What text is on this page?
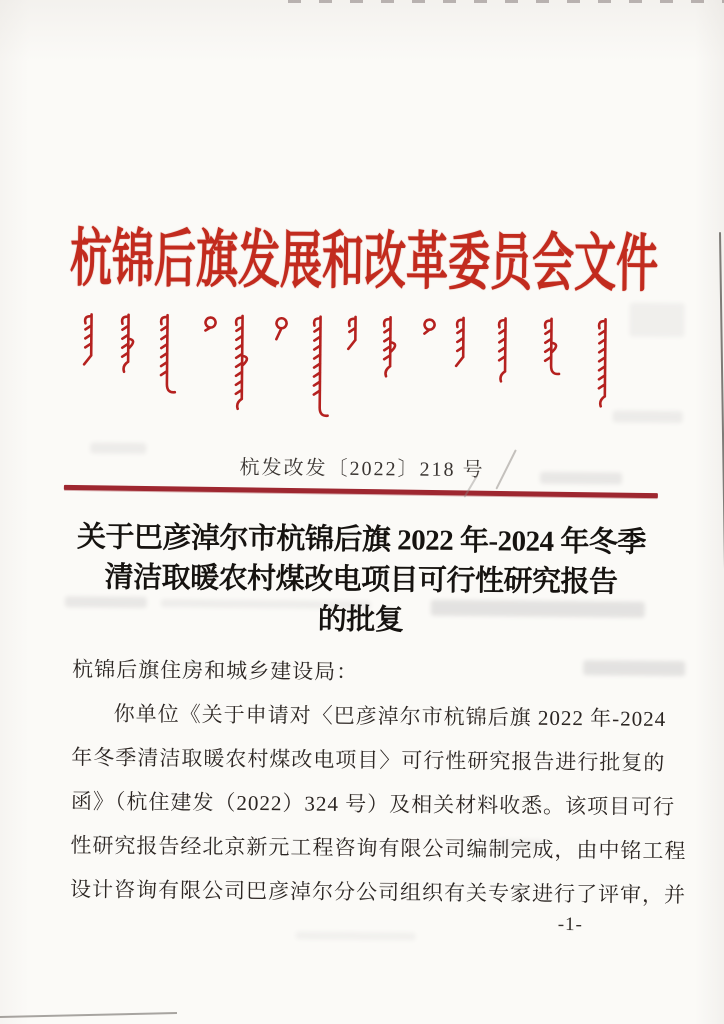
杭锦后旗发展和改革委员会文件
杭发改发〔2022〕218 号
关于巴彦淖尔市杭锦后旗 2022 年-2024 年冬季
清洁取暖农村煤改电项目可行性研究报告
的批复
杭锦后旗住房和城乡建设局：
你单位《关于申请对〈巴彦淖尔市杭锦后旗 2022 年-2024
年冬季清洁取暖农村煤改电项目〉可行性研究报告进行批复的
函》（杭住建发（2022）324 号）及相关材料收悉。该项目可行
性研究报告经北京新元工程咨询有限公司编制完成，由中铭工程
设计咨询有限公司巴彦淖尔分公司组织有关专家进行了评审，并
-1-
